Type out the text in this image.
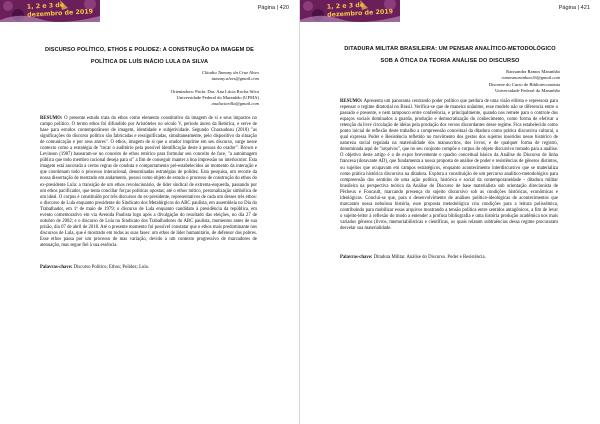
1, 2 e 3 de
dezembro de 2019
Página | 420
DISCURSO POLÍTICO, ETHOS E POLIDEZ: A CONSTRUÇÃO DA IMAGEM DE POLÍTICA DE LUÍS INÁCIO LULA DA SILVA
Cláudia Tamany da Cruz Alves
tamany.alves@gmail.com

Orientadora: Profa. Dra. Ana Lúcia Rocha Silva
Universidade Federal do Maranhão (UFMA)
analuciarilla@gmail.com
RESUMO: O presente estudo trata do ethos como elemento constitutivo da imagem de si e seus impactos no campo político. O termo ethos foi difundido por Aristóteles no século V, período áureo da Retórica, e serve de base para estudos contemporâneos de imagem, identidade e subjetividade. Segundo Charaudeau (2018) "as significações do discurso político são fabricadas e ressignificadas, simultaneamente, pelo dispositivo da situação de comunicação e por seus atores". O ethos, imagem de si que o orador imprime em seu discurso, surge nesse contexto como a estratégia de "tocar o auditório pela possível identificação deste à pessoa do orador". Brown e Levinson (1987) basearam-se no conceito de ethos retórico para formular seu conceito de face, "a autoimagem pública que todo membro racional deseja para si" a fim de conseguir manter a boa impressão no interlocutor. Esta imagem está ancorada a certas regras de conduta e comportamento pré-estabelecidos ao momento da interação e que coordenam todo o processo interacional, denominadas estratégias de polidez. Esta pesquisa, um recorte da nossa dissertação de mestrado em andamento, possui como objeto de estudo o processo de construção do ethos do ex-presidente Lula: a transição de um ethos revolucionário, de líder sindical de extrema-esquerda, passando por um ethos pacificador, que tenta conciliar forças políticas opostas; até o ethos mítico, personalização simbólica de um ideal. O corpus é constituído por três discursos do ex-presidente, representativos de cada um desses três ethos: o discurso de Lula enquanto presidente do Sindicato dos Metalúrgicos do ABC paulista, em assembleia no Dia do Trabalhador, em 1º de maio de 1979; o discurso de Lula enquanto candidato à presidência da república, em evento comemorativo em via Avenida Paulista logo após a divulgação do resultado das eleições, no dia 27 de outubro de 2002; e o discurso de Lula no Sindicato dos Trabalhadores do ABC paulista, momentos antes de sua prisão, dia 07 de abril de 2018. Até o presente momento foi possível constatar que o ethos mais predominante nos discursos de Lula, que é mostrado em todas as suas fases: um ethos de líder humanitário, de defensor dos pobres. Esse ethos passa por um processo de mas variação, devido a um contexto progressivo de marcadores de atenuação, mas segue fiel à sua essência.
Palavras-chave: Discurso Político; Ethos; Polidez; Lula.
1, 2 e 3 de
dezembro de 2019
Página | 421
DITADURA MILITAR BRASILEIRA: UM PENSAR ANALÍTICO-METODOLÓGICO SOB A ÓTICA DA TEORIA ANÁLISE DO DISCURSO
Raissandra Ramos Maranhão
ramosmaranhao16@gmail.com
Discente do Curso de Biblioteconomia
Universidade Federal do Maranhão
RESUMO: Apresenta um panorama centrando poder político que perdura de uma visão elitista e repressora para repensar o regime ditatorial no Brasil. Verifica-se que de maneira unânime, esse modelo não se diferencia entre o passado e presente, e nem tampouco entre conferência, e principalmente, quando nos remete para o controle dos espaços sociais dominados a guarda, produção e democratização do conhecimento, como forma de efetivar a retenção da livre circulação de ideias pela produção dos versos discordantes desse regime. Fica estabelecido como ponto inicial de reflexão deste trabalho a compreensão conceitual da ditadura como prática discursiva cultural, a qual expressa Poder e Resistência refletido no movimento dos gestos dos sujeitos inseridos nesse histórico de natureza social regulada na materialidade dos manuscritos, dos livros, e de qualquer forma de registro, denominada aqui de "arquivos", que no seu conjunto compõe o corpus do objeto discursivo tomado para a análise. O objetivo deste artigo é o de expor brevemente o quadro conceitual básico da Análise do Discurso de linha francesa (doravante AD), que fundamenta a nossa proposta de análise de poder e resistências de gêneros distintos, ou sujeitos que ocupavam em campos estratégicos, enquanto acontecimento interdiscursivo que se materializa como prática histórica discursiva na ditadura. Explora a constituição de um percurso analítico-metodológico para compreensão dos sentidos de uma ação política, histórica e social da contemporaneidade - ditadura militar brasileira na perspectiva teórica da Análise do Discurso de base materialista sob orientação direcionista de Pêcheux e Foucault, marcando presença do sujeito discursivo sob as condições históricas, econômicas e ideológicas. Conclui-se que, para o desenvolvimento de análises político-ideológicas de acontecimentos que marcaram nossa nebulosa história, esse proposta metodológica cria condições para a leitura polissêmica, contribuindo para mobilizar essas arquivos mostrando a tensão política entre sentidos antagônicos, a fim de levar o sujeito-leitor à reflexão do modo a entender a profusa bibliografia e uma história produção acadêmica nos mais variados gêneros (livros, memoriabilisticas e científicas, os quais relatam subtraências dessa regime procuraram desvelar sua materialidade.
Palavras-chave: Ditadura Militar. Análise do Discurso. Poder e Resistência.
